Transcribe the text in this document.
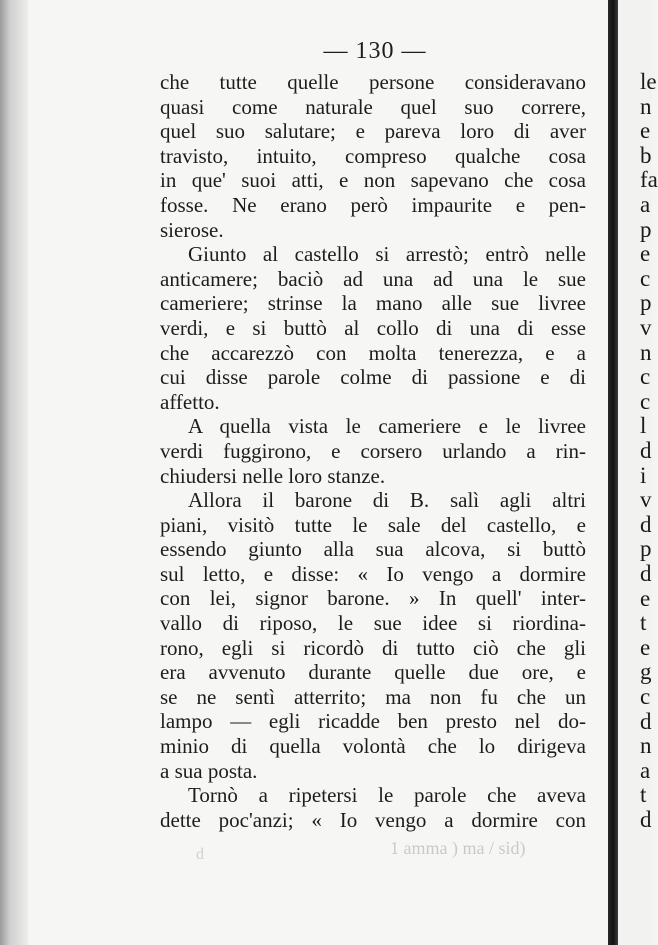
— 130 —
che tutte quelle persone consideravano
quasi come naturale quel suo correre,
quel suo salutare; e pareva loro di aver
travisto, intuito, compreso qualche cosa
in que' suoi atti, e non sapevano che cosa
fosse. Ne erano però impaurite e pen-
sierose.
Giunto al castello si arrestò; entrò nelle
anticamere; baciò ad una ad una le sue
cameriere; strinse la mano alle sue livree
verdi, e si buttò al collo di una di esse
che accarezzò con molta tenerezza, e a
cui disse parole colme di passione e di
affetto.
A quella vista le cameriere e le livree
verdi fuggirono, e corsero urlando a rin-
chiudersi nelle loro stanze.
Allora il barone di B. salì agli altri
piani, visitò tutte le sale del castello, e
essendo giunto alla sua alcova, si buttò
sul letto, e disse: « Io vengo a dormire
con lei, signor barone. » In quell' inter-
vallo di riposo, le sue idee si riordina-
rono, egli si ricordò di tutto ciò che gli
era avvenuto durante quelle due ore, e
se ne sentì atterrito; ma non fu che un
lampo — egli ricadde ben presto nel do-
minio di quella volontà che lo dirigeva
a sua posta.
Tornò a ripetersi le parole che aveva
dette poc'anzi; « Io vengo a dormire con
le
n
e
b
fa
a
p
e
c
p
v
n
c
c
l
d
i
v
d
p
d
e
t
e
g
c
d
n
a
t
d
1 amma ) ma / sid)
d
